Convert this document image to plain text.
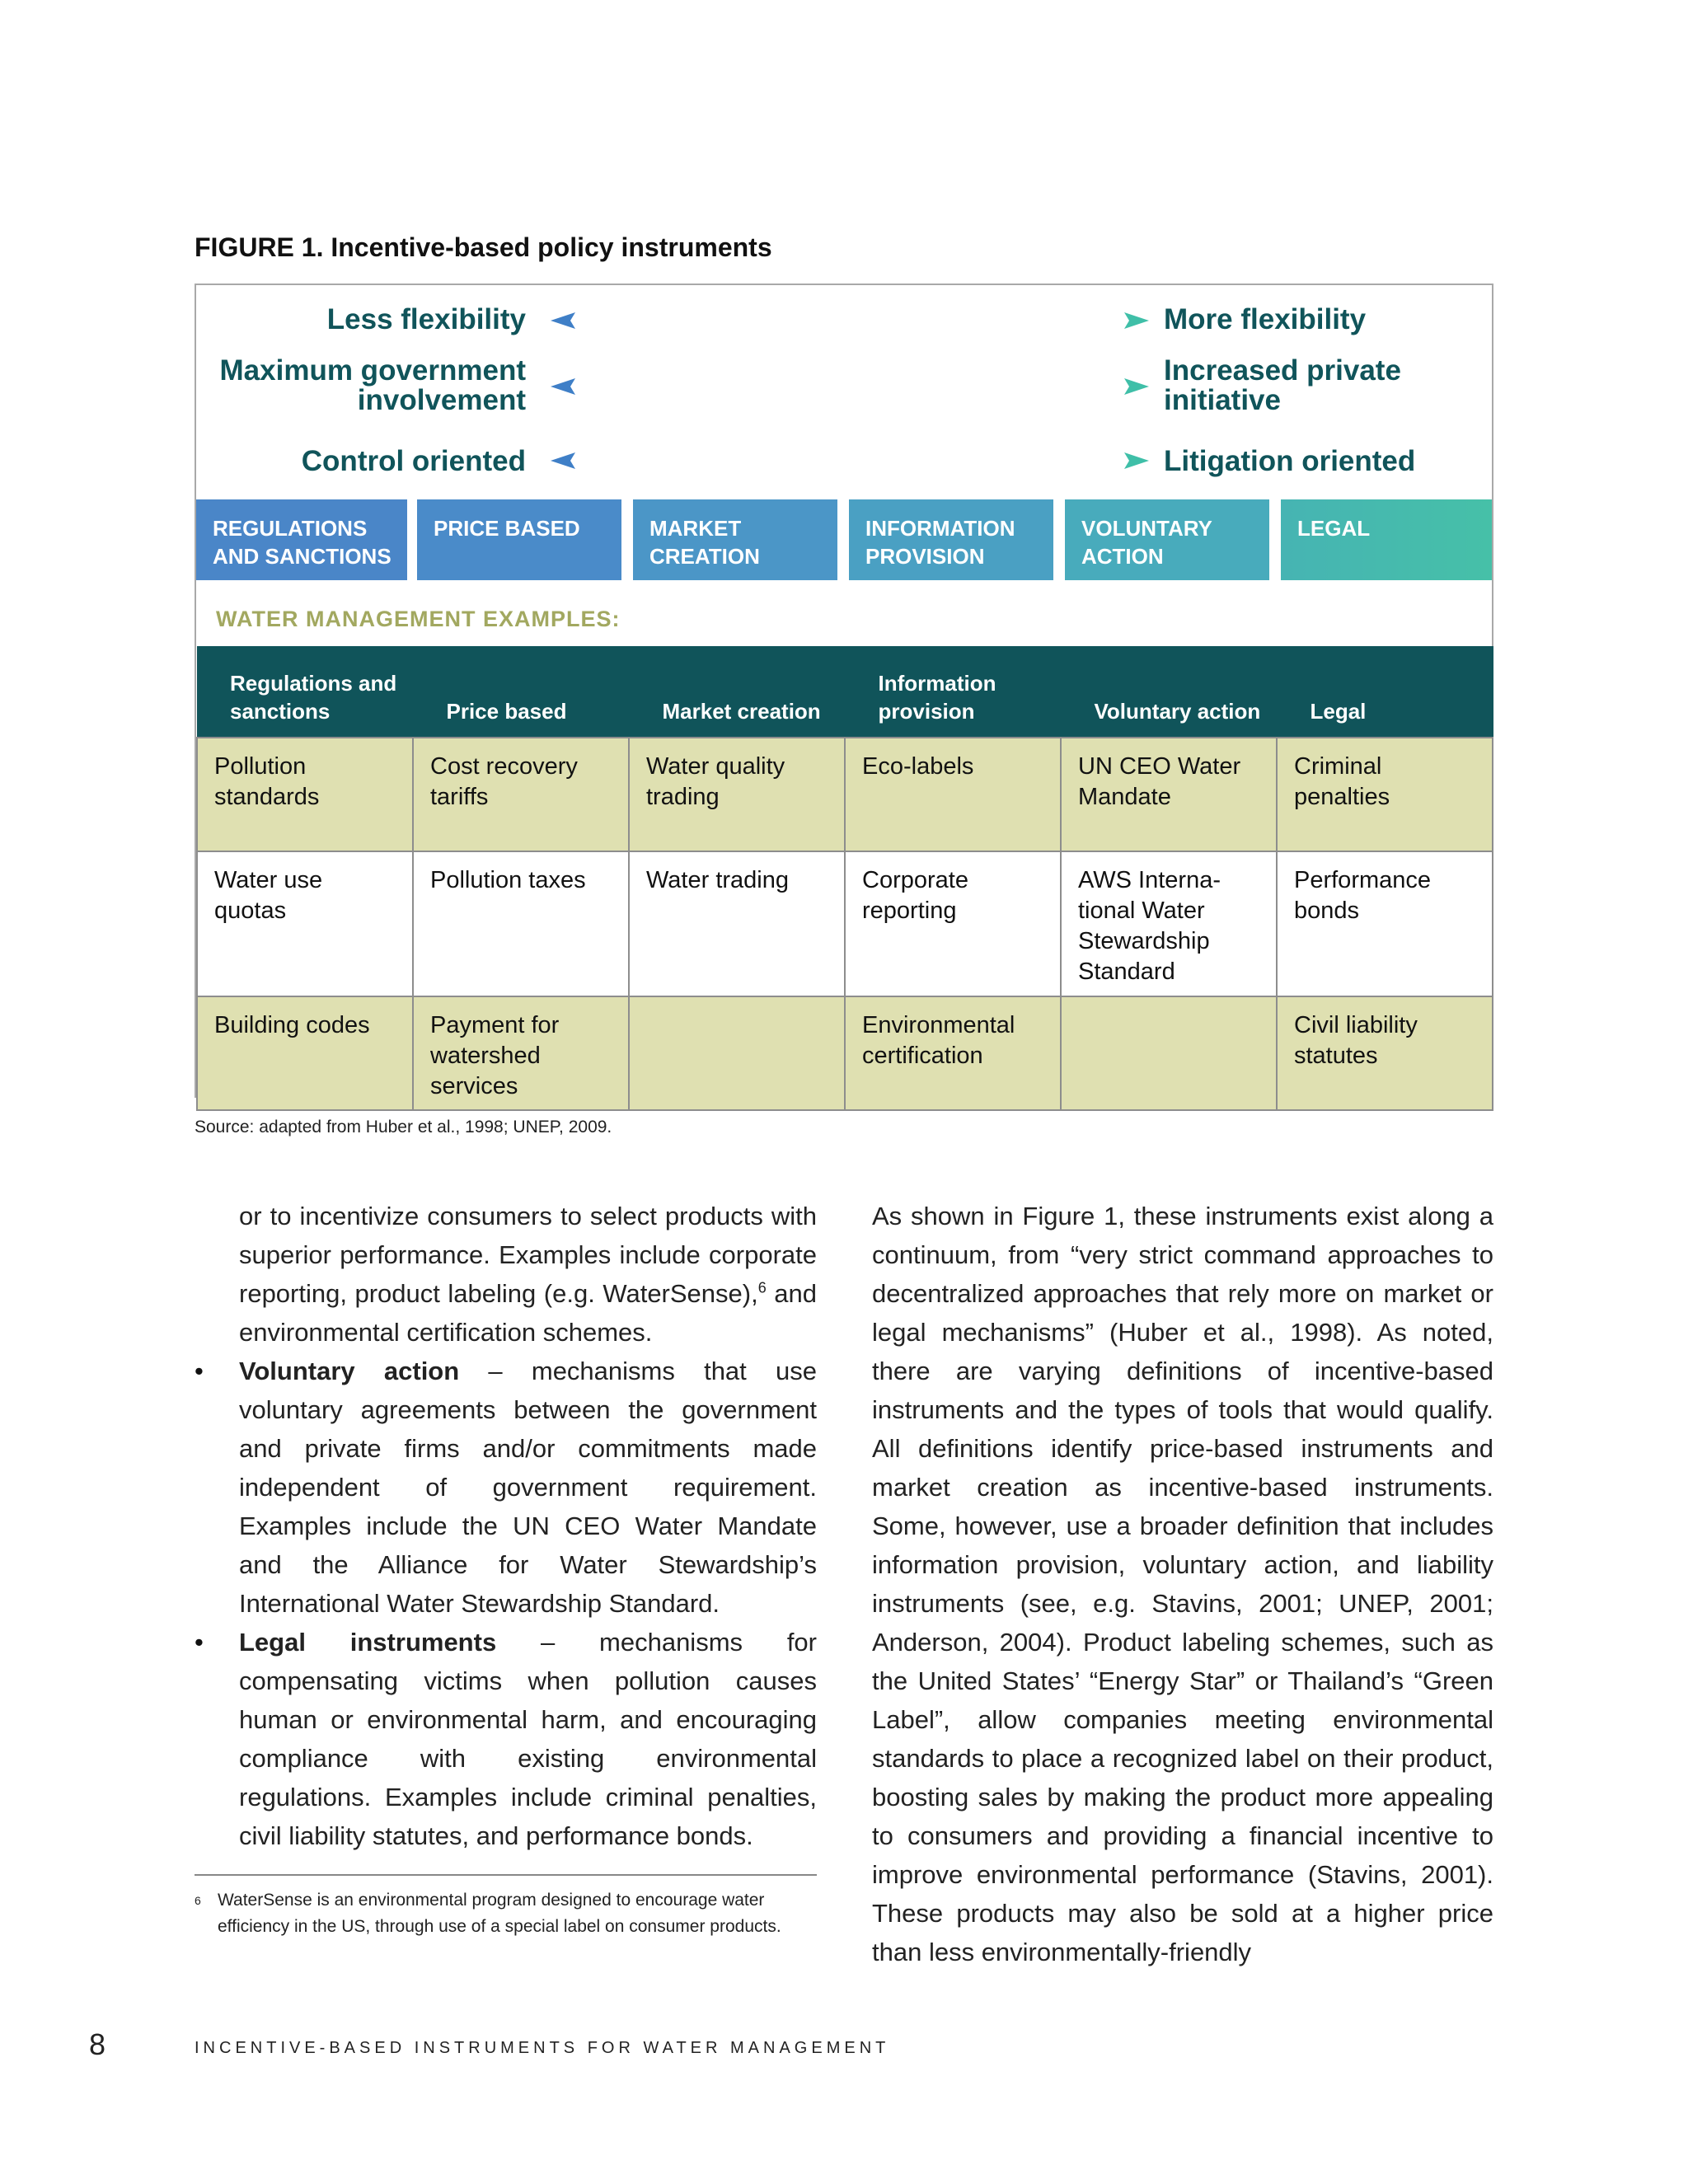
FIGURE 1. Incentive-based policy instruments
Less flexibility	More flexibility
Maximum government involvement
Increased private initiative
Control oriented	Litigation oriented
REGULATIONS AND SANCTIONS
PRICE BASED	MARKET CREATION
INFORMATION PROVISION
VOLUNTARY ACTION
LEGAL
WATER MANAGEMENT EXAMPLES:
Regulations and sanctions	Price based	Market creation	Information provision	Voluntary action	Legal
Pollution standards	Cost recovery tariffs	Water quality trading	Eco-labels	UN CEO Water Mandate	Criminal penalties
Water use quotas	Pollution taxes	Water trading	Corporate reporting	AWS Interna-tional Water Stewardship Standard	Performance bonds
Building codes	Payment for watershed services		Environmental certification		Civil liability statutes
Source: adapted from Huber et al., 1998; UNEP, 2009.

or to incentivize consumers to select products with superior performance. Examples include corporate reporting, product labeling (e.g. WaterSense),$^6$ and environmental certification schemes.

•	Voluntary action – mechanisms that use voluntary agreements between the government and private firms and/or commitments made independent of government requirement. Examples include the UN CEO Water Mandate and the Alliance for Water Stewardship’s International Water Stewardship Standard.

•	Legal instruments – mechanisms for compensating victims when pollution causes human or environmental harm, and encouraging compliance with existing environmental regulations. Examples include criminal penalties, civil liability statutes, and performance bonds.

As shown in Figure 1, these instruments exist along a continuum, from “very strict command approaches to decentralized approaches that rely more on market or legal mechanisms” (Huber et al., 1998). As noted, there are varying definitions of incentive-based instruments and the types of tools that would qualify. All definitions identify price-based instruments and market creation as incentive-based instruments. Some, however, use a broader definition that includes information provision, voluntary action, and liability instruments (see, e.g. Stavins, 2001; UNEP, 2001; Anderson, 2004). Product labeling schemes, such as the United States’ “Energy Star” or Thailand’s “Green Label”, allow companies meeting environmental standards to place a recognized label on their product, boosting sales by making the product more appealing to consumers and providing a financial incentive to improve environmental performance (Stavins, 2001). These products may also be sold at a higher price than less environmentally-friendly

6 WaterSense is an environmental program designed to encourage water efficiency in the US, through use of a special label on consumer products.
8	INCENTIVE-BASED INSTRUMENTS FOR WATER MANAGEMENT
